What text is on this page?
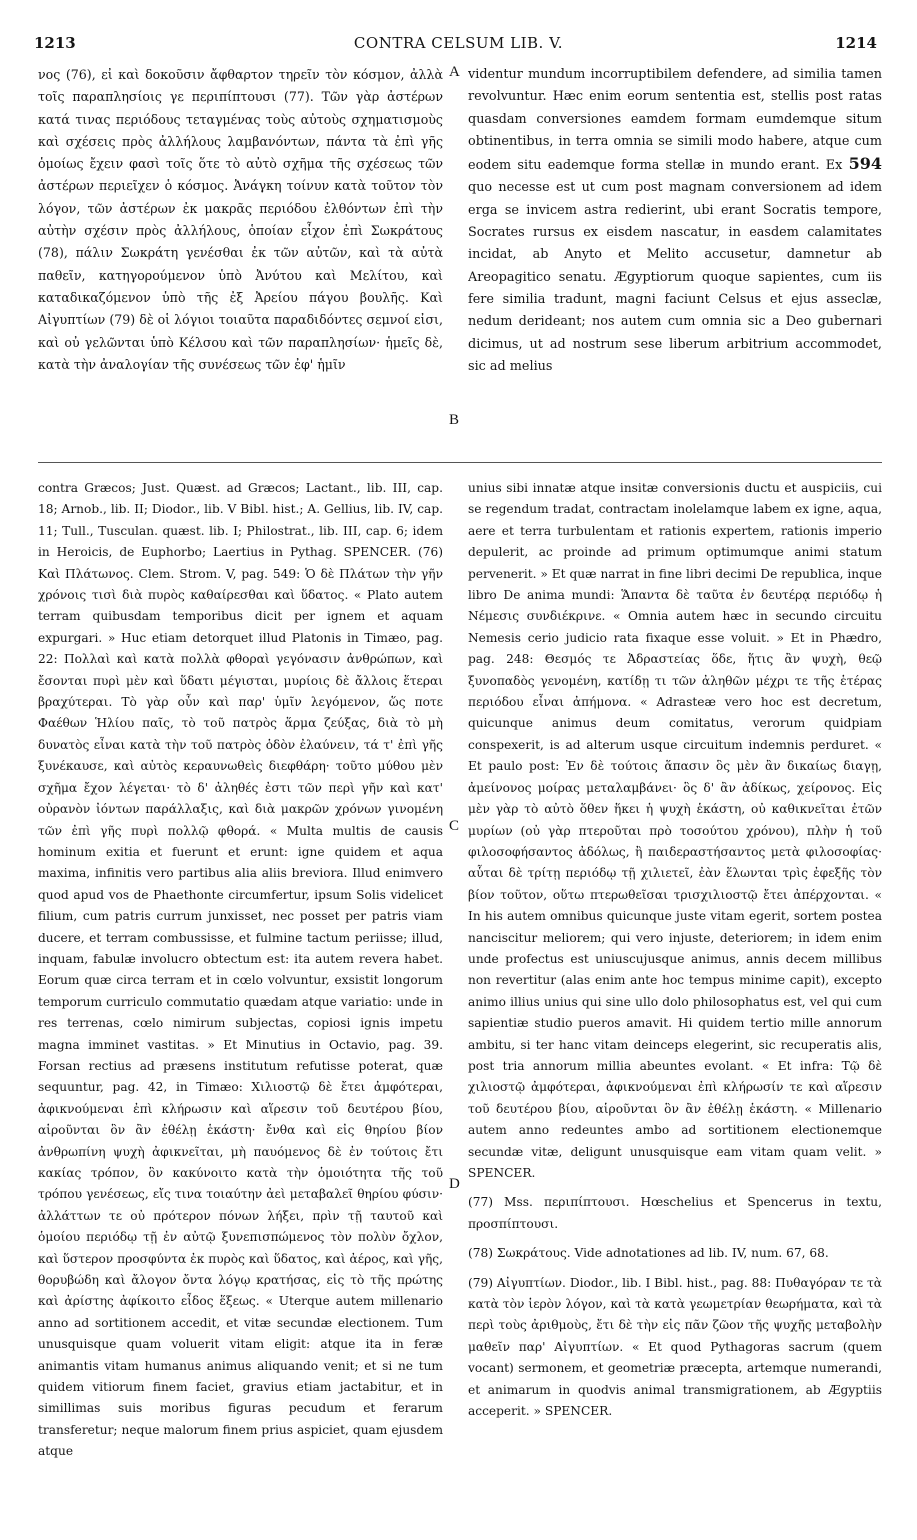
1213	CONTRA CELSUM LIB. V.	1214

νος (76), εἰ καὶ δοκοῦσιν ἄφθαρτον τηρεῖν τὸν κόσμον, ἀλλὰ τοῖς παραπλησίοις γε περιπίπτουσι (77). Τῶν γὰρ ἀστέρων κατά τινας περιόδους τεταγμένας τοὺς αὐτοὺς σχηματισμοὺς καὶ σχέσεις πρὸς ἀλλήλους λαμβανόντων, πάντα τὰ ἐπὶ γῆς ὁμοίως ἔχειν φασὶ τοῖς ὅτε τὸ αὐτὸ σχῆμα τῆς σχέσεως τῶν ἀστέρων περιεῖχεν ὁ κόσμος. Ἀνάγκη τοίνυν κατὰ τοῦτον τὸν λόγον, τῶν ἀστέρων ἐκ μακρᾶς περιόδου ἐλθόντων ἐπὶ τὴν αὐτὴν σχέσιν πρὸς ἀλλήλους, ὁποίαν εἶχον ἐπὶ Σωκράτους (78), πάλιν Σωκράτη γενέσθαι ἐκ τῶν αὐτῶν, καὶ τὰ αὐτὰ παθεῖν, κατηγορούμενον ὑπὸ Ἀνύτου καὶ Μελίτου, καὶ καταδικαζόμενον ὑπὸ τῆς ἐξ Ἀρείου πάγου βουλῆς. Καὶ Αἰγυπτίων (79) δὲ οἱ λόγιοι τοιαῦτα παραδιδόντες σεμνοί εἰσι, καὶ οὐ γελῶνται ὑπὸ Κέλσου καὶ τῶν παραπλησίων· ἡμεῖς δὲ, κατὰ τὴν ἀναλογίαν τῆς συνέσεως τῶν ἐφ' ἡμῖν

videntur mundum incorruptibilem defendere, ad similia tamen revolvuntur. Hæc enim eorum sententia est, stellis post ratas quasdam conversiones eamdem formam eumdemque situm obtinentibus, in terra omnia se simili modo habere, atque cum eodem situ eademque forma stellæ in mundo erant. Ex 594 quo necesse est ut cum post magnam conversionem ad idem erga se invicem astra redierint, ubi erant Socratis tempore, Socrates rursus ex eisdem nascatur, in easdem calamitates incidat, ab Anyto et Melito accusetur, damnetur ab Areopagitico senatu. Ægyptiorum quoque sapientes, cum iis fere similia tradunt, magni faciunt Celsus et ejus asseclæ, nedum derideant; nos autem cum omnia sic a Deo gubernari dicimus, ut ad nostrum sese liberum arbitrium accommodet, sic ad melius

A
B
C
D

contra Græcos; Just. Quæst. ad Græcos; Lactant., lib. III, cap. 18; Arnob., lib. II; Diodor., lib. V Bibl. hist.; A. Gellius, lib. IV, cap. 11; Tull., Tusculan. quæst. lib. I; Philostrat., lib. III, cap. 6; idem in Heroicis, de Euphorbo; Laertius in Pythag. SPENCER. (76) Καὶ Πλάτωνος. Clem. Strom. V, pag. 549: Ὁ δὲ Πλάτων τὴν γῆν χρόνοις τισὶ διὰ πυρὸς καθαίρεσθαι καὶ ὕδατος. « Plato autem terram quibusdam temporibus dicit per ignem et aquam expurgari. » Huc etiam detorquet illud Platonis in Timæo, pag. 22: Πολλαὶ καὶ κατὰ πολλὰ φθοραὶ γεγόνασιν ἀνθρώπων, καὶ ἔσονται πυρὶ μὲν καὶ ὕδατι μέγισται, μυρίοις δὲ ἄλλοις ἕτεραι βραχύτεραι. Τὸ γὰρ οὖν καὶ παρ' ὑμῖν λεγόμενον, ὥς ποτε Φαέθων Ἡλίου παῖς, τὸ τοῦ πατρὸς ἅρμα ζεύξας, διὰ τὸ μὴ δυνατὸς εἶναι κατὰ τὴν τοῦ πατρὸς ὁδὸν ἐλαύνειν, τά τ' ἐπὶ γῆς ξυνέκαυσε, καὶ αὐτὸς κεραυνωθεὶς διεφθάρη· τοῦτο μύθου μὲν σχῆμα ἔχον λέγεται· τὸ δ' ἀληθές ἐστι τῶν περὶ γῆν καὶ κατ' οὐρανὸν ἰόντων παράλλαξις, καὶ διὰ μακρῶν χρόνων γινομένη τῶν ἐπὶ γῆς πυρὶ πολλῷ φθορά. « Multa multis de causis hominum exitia et fuerunt et erunt: igne quidem et aqua maxima, infinitis vero partibus alia aliis breviora. Illud enimvero quod apud vos de Phaethonte circumfertur, ipsum Solis videlicet filium, cum patris currum junxisset, nec posset per patris viam ducere, et terram combussisse, et fulmine tactum periisse; illud, inquam, fabulæ involucro obtectum est: ita autem revera habet. Eorum quæ circa terram et in cœlo volvuntur, exsistit longorum temporum curriculo commutatio quædam atque variatio: unde in res terrenas, cœlo nimirum subjectas, copiosi ignis impetu magna imminet vastitas. » Et Minutius in Octavio, pag. 39. Forsan rectius ad præsens institutum refutisse poterat, quæ sequuntur, pag. 42, in Timæo: Χιλιοστῷ δὲ ἔτει ἀμφότεραι, ἀφικνούμεναι ἐπὶ κλήρωσιν καὶ αἵρεσιν τοῦ δευτέρου βίου, αἱροῦνται ὃν ἂν ἐθέλῃ ἑκάστη· ἔνθα καὶ εἰς θηρίου βίον ἀνθρωπίνη ψυχὴ ἀφικνεῖται, μὴ παυόμενος δὲ ἐν τούτοις ἔτι κακίας τρόπον, ὃν κακύνοιτο κατὰ τὴν ὁμοιότητα τῆς τοῦ τρόπου γενέσεως, εἴς τινα τοιαύτην ἀεὶ μεταβαλεῖ θηρίου φύσιν· ἀλλάττων τε οὐ πρότερον πόνων λήξει, πρὶν τῇ ταυτοῦ καὶ ὁμοίου περιόδῳ τῇ ἐν αὐτῷ ξυνεπισπώμενος τὸν πολὺν ὄχλον, καὶ ὕστερον προσφύντα ἐκ πυρὸς καὶ ὕδατος, καὶ ἀέρος, καὶ γῆς, θορυβώδη καὶ ἄλογον ὄντα λόγῳ κρατήσας, εἰς τὸ τῆς πρώτης καὶ ἀρίστης ἀφίκοιτο εἶδος ἕξεως. « Uterque autem millenario anno ad sortitionem accedit, et vitæ secundæ electionem. Tum unusquisque quam voluerit vitam eligit: atque ita in feræ animantis vitam humanus animus aliquando venit; et si ne tum quidem vitiorum finem faciet, gravius etiam jactabitur, et in simillimas suis moribus figuras pecudum et ferarum transferetur; neque malorum finem prius aspiciet, quam ejusdem atque

unius sibi innatæ atque insitæ conversionis ductu et auspiciis, cui se regendum tradat, contractam inolelamque labem ex igne, aqua, aere et terra turbulentam et rationis expertem, rationis imperio depulerit, ac proinde ad primum optimumque animi statum pervenerit. » Et quæ narrat in fine libri decimi De republica, inque libro De anima mundi: Ἅπαντα δὲ ταῦτα ἐν δευτέρᾳ περιόδῳ ἡ Νέμεσις συνδιέκρινε. « Omnia autem hæc in secundo circuitu Nemesis cerio judicio rata fixaque esse voluit. » Et in Phædro, pag. 248: Θεσμός τε Ἀδραστείας ὅδε, ἥτις ἂν ψυχὴ, θεῷ ξυνοπαδὸς γενομένη, κατίδῃ τι τῶν ἀληθῶν μέχρι τε τῆς ἑτέρας περιόδου εἶναι ἀπήμονα. « Adrasteæ vero hoc est decretum, quicunque animus deum comitatus, verorum quidpiam conspexerit, is ad alterum usque circuitum indemnis perduret. « Et paulo post: Ἐν δὲ τούτοις ἅπασιν ὃς μὲν ἂν δικαίως διαγῃ, ἀμείνονος μοίρας μεταλαμβάνει· ὃς δ' ἂν ἀδίκως, χείρονος. Εἰς μὲν γὰρ τὸ αὐτὸ ὅθεν ἥκει ἡ ψυχὴ ἑκάστη, οὐ καθικνεῖται ἐτῶν μυρίων (οὐ γὰρ πτεροῦται πρὸ τοσούτου χρόνου), πλὴν ἡ τοῦ φιλοσοφήσαντος ἀδόλως, ἢ παιδεραστήσαντος μετὰ φιλοσοφίας· αὗται δὲ τρίτῃ περιόδῳ τῇ χιλιετεῖ, ἐὰν ἕλωνται τρὶς ἐφεξῆς τὸν βίον τοῦτον, οὕτω πτερωθεῖσαι τρισχιλιοστῷ ἔτει ἀπέρχονται. « In his autem omnibus quicunque juste vitam egerit, sortem postea nanciscitur meliorem; qui vero injuste, deteriorem; in idem enim unde profectus est uniuscujusque animus, annis decem millibus non revertitur (alas enim ante hoc tempus minime capit), excepto animo illius unius qui sine ullo dolo philosophatus est, vel qui cum sapientiæ studio pueros amavit. Hi quidem tertio mille annorum ambitu, si ter hanc vitam deinceps elegerint, sic recuperatis alis, post tria annorum millia abeuntes evolant. « Et infra: Τῷ δὲ χιλιοστῷ ἀμφότεραι, ἀφικνούμεναι ἐπὶ κλήρωσίν τε καὶ αἵρεσιν τοῦ δευτέρου βίου, αἱροῦνται ὃν ἂν ἐθέλῃ ἑκάστη. « Millenario autem anno redeuntes ambo ad sortitionem electionemque secundæ vitæ, deligunt unusquisque eam vitam quam velit. » SPENCER.

(77) Mss. περιπίπτουσι. Hœschelius et Spencerus in textu, προσπίπτουσι.

(78) Σωκράτους. Vide adnotationes ad lib. IV, num. 67, 68.

(79) Αἰγυπτίων. Diodor., lib. I Bibl. hist., pag. 88: Πυθαγόραν τε τὰ κατὰ τὸν ἱερὸν λόγον, καὶ τὰ κατὰ γεωμετρίαν θεωρήματα, καὶ τὰ περὶ τοὺς ἀριθμοὺς, ἔτι δὲ τὴν εἰς πᾶν ζῶον τῆς ψυχῆς μεταβολὴν μαθεῖν παρ' Αἰγυπτίων. « Et quod Pythagoras sacrum (quem vocant) sermonem, et geometriæ præcepta, artemque numerandi, et animarum in quodvis animal transmigrationem, ab Ægyptiis acceperit. » SPENCER.
